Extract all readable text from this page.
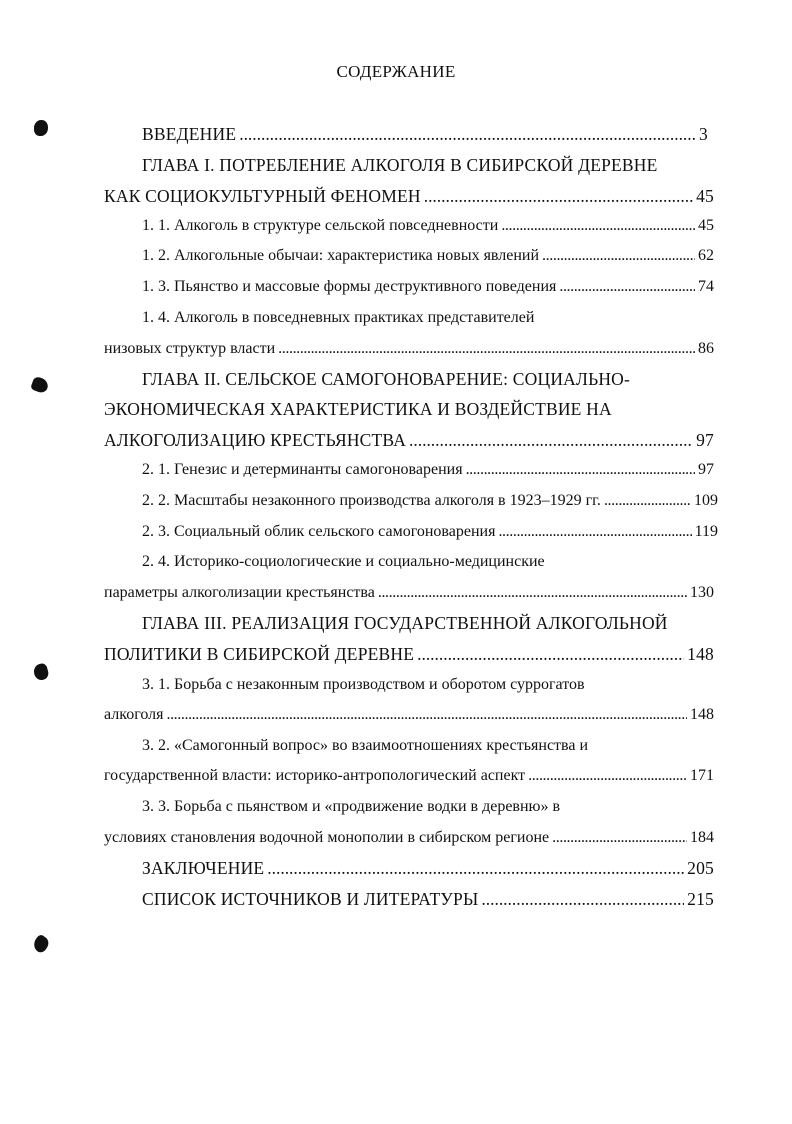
СОДЕРЖАНИЕ
ВВЕДЕНИЕ . . .	3
ГЛАВА I. ПОТРЕБЛЕНИЕ АЛКОГОЛЯ В СИБИРСКОЙ ДЕРЕВНЕ
КАК СОЦИОКУЛЬТУРНЫЙ ФЕНОМЕН . . .	45
1. 1. Алкоголь в структуре сельской повседневности . . .	45
1. 2. Алкогольные обычаи: характеристика новых явлений . . .	62
1. 3. Пьянство и массовые формы деструктивного поведения . . .	74
1. 4. Алкоголь в повседневных практиках представителей
низовых структур власти . . .	86
ГЛАВА II. СЕЛЬСКОЕ САМОГОНОВАРЕНИЕ: СОЦИАЛЬНО-
ЭКОНОМИЧЕСКАЯ ХАРАКТЕРИСТИКА И ВОЗДЕЙСТВИЕ НА
АЛКОГОЛИЗАЦИЮ КРЕСТЬЯНСТВА . . .	97
2. 1. Генезис и детерминанты самогоноварения . . .	97
2. 2. Масштабы незаконного производства алкоголя в 1923–1929 гг. . . .	109
2. 3. Социальный облик сельского самогоноварения . . .	119
2. 4. Историко-социологические и социально-медицинские
параметры алкоголизации крестьянства . . .	130
ГЛАВА III. РЕАЛИЗАЦИЯ ГОСУДАРСТВЕННОЙ АЛКОГОЛЬНОЙ
ПОЛИТИКИ В СИБИРСКОЙ ДЕРЕВНЕ . . .	148
3. 1. Борьба с незаконным производством и оборотом суррогатов
алкоголя . . .	148
3. 2. «Самогонный вопрос» во взаимоотношениях крестьянства и
государственной власти: историко-антропологический аспект . . .	171
3. 3. Борьба с пьянством и «продвижение водки в деревню» в
условиях становления водочной монополии в сибирском регионе . . .	184
ЗАКЛЮЧЕНИЕ . . .	205
СПИСОК ИСТОЧНИКОВ И ЛИТЕРАТУРЫ . . .	215
